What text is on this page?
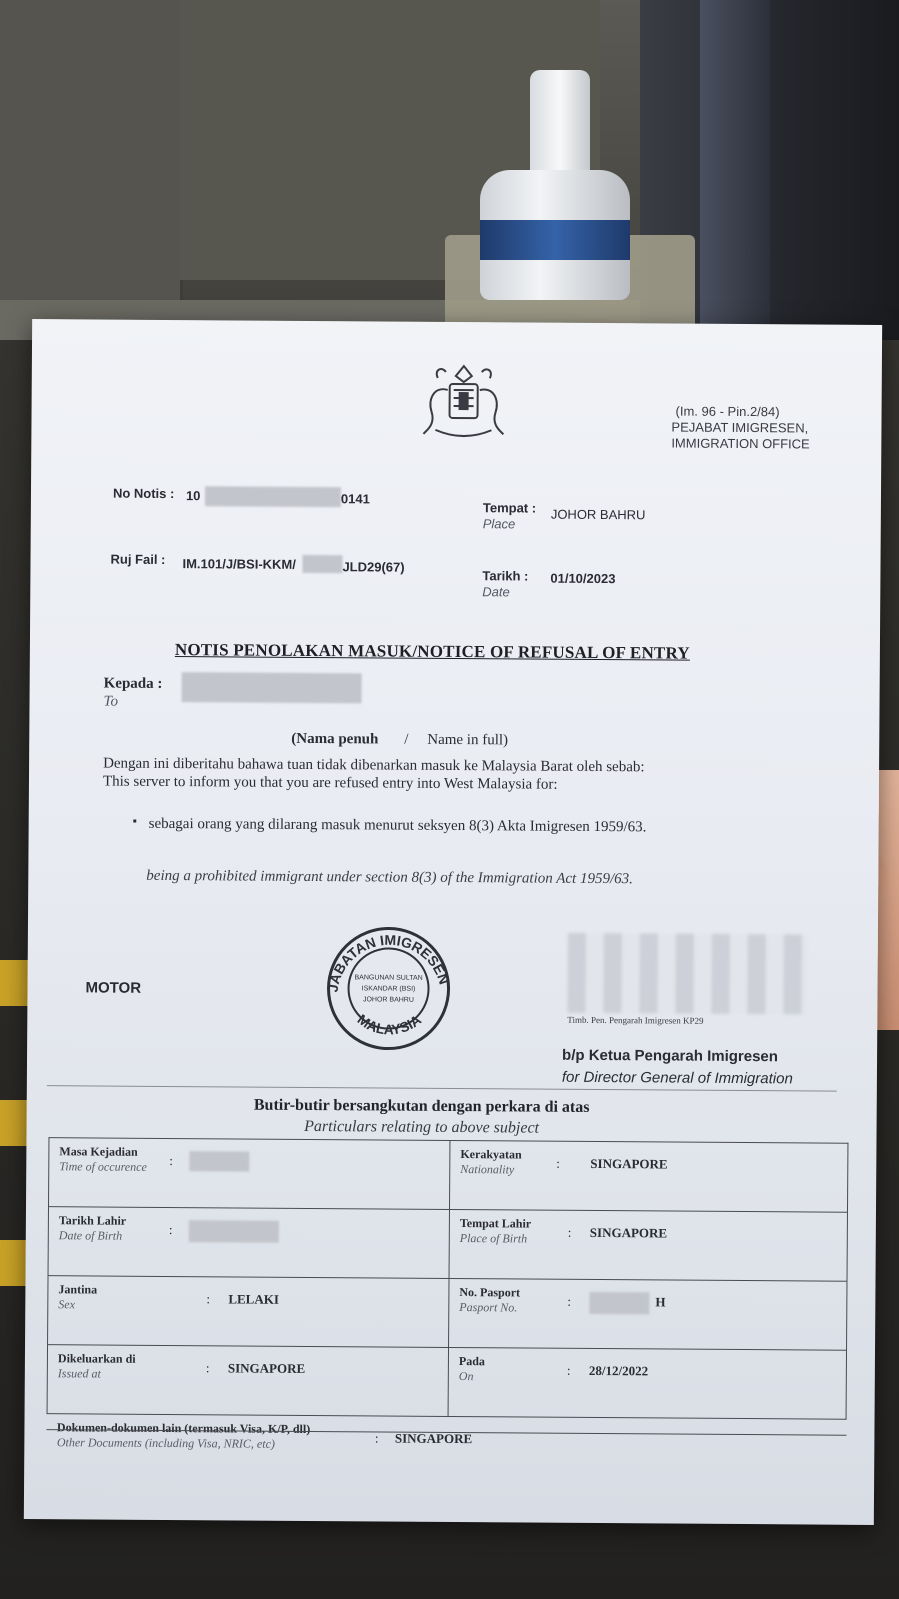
(Im. 96 - Pin.2/84)
PEJABAT IMIGRESEN,
IMMIGRATION OFFICE
No Notis : 10	0141
Ruj Fail : IM.101/J/BSI-KKM/	JLD29(67)
Tempat :
Place
JOHOR BAHRU
Tarikh :
Date
01/10/2023
NOTIS PENOLAKAN MASUK/NOTICE OF REFUSAL OF ENTRY
Kepada :
To
(Nama penuh / Name in full)
Dengan ini diberitahu bahawa tuan tidak dibenarkan masuk ke Malaysia Barat oleh sebab:
This server to inform you that you are refused entry into West Malaysia for:
▪ sebagai orang yang dilarang masuk menurut seksyen 8(3) Akta Imigresen 1959/63.
being a prohibited immigrant under section 8(3) of the Immigration Act 1959/63.
MOTOR	JABATAN IMIGRESEN
MALAYSIA
BANGUNAN SULTAN
ISKANDAR (BSI)
JOHOR BAHRU
Timb. Pen. Pengarah Imigresen KP29
b/p Ketua Pengarah Imigresen
for Director General of Immigration
Butir-butir bersangkutan dengan perkara di atas
Particulars relating to above subject
Masa Kejadian
Time of occurence :	Kerakyatan
Nationality : SINGAPORE

Tarikh Lahir
Date of Birth :	Tempat Lahir
Place of Birth : SINGAPORE

Jantina
Sex : LELAKI	No. Pasport
Pasport No. : H

Dikeluarkan di
Issued at : SINGAPORE	Pada
On : 28/12/2022

Dokumen-dokumen lain (termasuk Visa, K/P, dll)
Other Documents (including Visa, NRIC, etc) : SINGAPORE	
